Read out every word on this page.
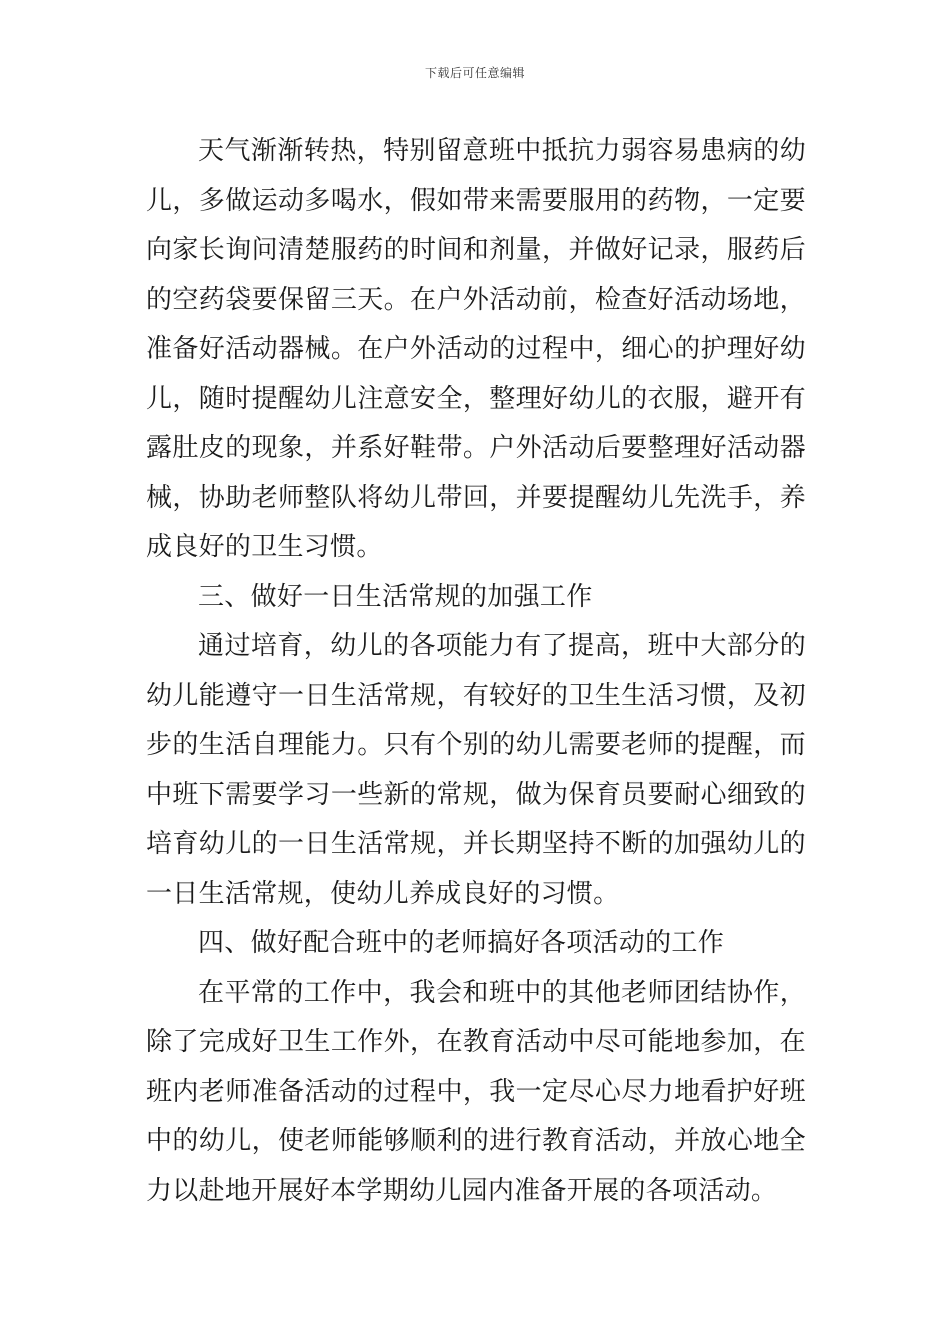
下载后可任意编辑

天气渐渐转热，特别留意班中抵抗力弱容易患病的幼儿，多做运动多喝水，假如带来需要服用的药物，一定要向家长询问清楚服药的时间和剂量，并做好记录，服药后的空药袋要保留三天。在户外活动前，检查好活动场地，准备好活动器械。在户外活动的过程中，细心的护理好幼儿，随时提醒幼儿注意安全，整理好幼儿的衣服，避开有露肚皮的现象，并系好鞋带。户外活动后要整理好活动器械，协助老师整队将幼儿带回，并要提醒幼儿先洗手，养成良好的卫生习惯。

三、做好一日生活常规的加强工作

通过培育，幼儿的各项能力有了提高，班中大部分的幼儿能遵守一日生活常规，有较好的卫生生活习惯，及初步的生活自理能力。只有个别的幼儿需要老师的提醒，而中班下需要学习一些新的常规，做为保育员要耐心细致的培育幼儿的一日生活常规，并长期坚持不断的加强幼儿的一日生活常规，使幼儿养成良好的习惯。

四、做好配合班中的老师搞好各项活动的工作

在平常的工作中，我会和班中的其他老师团结协作，除了完成好卫生工作外，在教育活动中尽可能地参加，在班内老师准备活动的过程中，我一定尽心尽力地看护好班中的幼儿，使老师能够顺利的进行教育活动，并放心地全力以赴地开展好本学期幼儿园内准备开展的各项活动。
